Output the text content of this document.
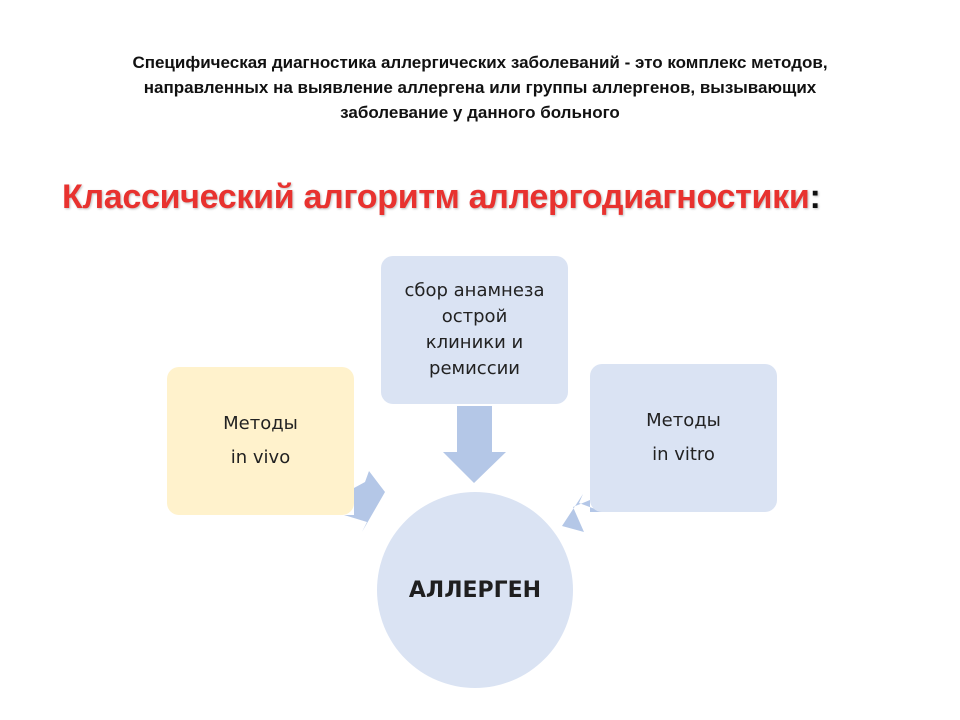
Специфическая диагностика аллергических заболеваний - это комплекс методов,
направленных на выявление аллергена или группы аллергенов, вызывающих
заболевание у данного больного
Классический алгоритм аллергодиагностики:
сбор анамнеза
острой
клиники и
ремиссии
Методы
in vivo
Методы
in vitro
АЛЛЕРГЕН
